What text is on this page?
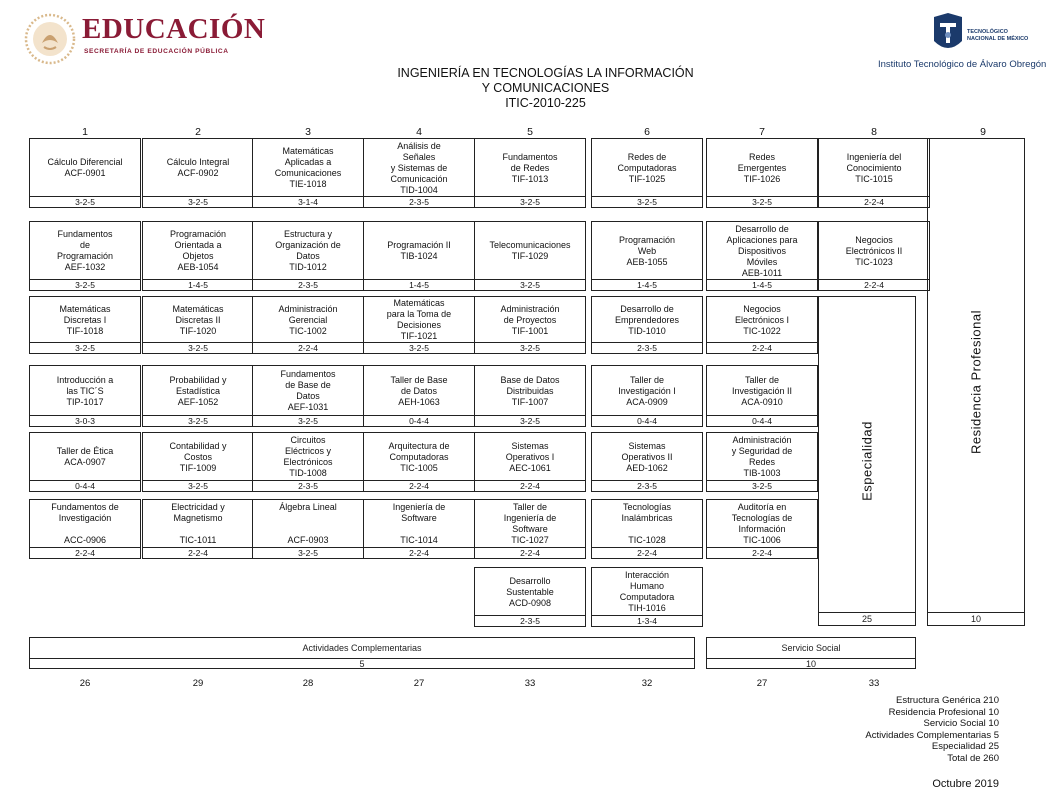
EDUCACIÓN
SECRETARÍA DE EDUCACIÓN PÚBLICA
TECNOLÓGICO
NACIONAL DE MÉXICO
Instituto Tecnológico de Álvaro Obregón
INGENIERÍA EN TECNOLOGÍAS LA INFORMACIÓN
Y COMUNICACIONES
ITIC-2010-225
1
26
Cálculo Diferencial
ACF-0901
3-2-5
Fundamentos
de
Programación
AEF-1032
3-2-5
Matemáticas
Discretas I
TIF-1018
3-2-5
Introducción a
las TIC´S
TIP-1017
3-0-3
Taller de Ética
ACA-0907
0-4-4
Fundamentos de
Investigación

ACC-0906
2-2-4
2
29
Cálculo Integral
ACF-0902
3-2-5
Programación
Orientada a
Objetos
AEB-1054
1-4-5
Matemáticas
Discretas II
TIF-1020
3-2-5
Probabilidad y
Estadística
AEF-1052
3-2-5
Contabilidad y
Costos
TIF-1009
3-2-5
Electricidad y
Magnetismo

TIC-1011
2-2-4
3
28
Matemáticas
Aplicadas a
Comunicaciones
TIE-1018
3-1-4
Estructura y
Organización de
Datos
TID-1012
2-3-5
Administración
Gerencial
TIC-1002
2-2-4
Fundamentos
de Base de
Datos
AEF-1031
3-2-5
Circuitos
Eléctricos y
Electrónicos
TID-1008
2-3-5
Álgebra Lineal

ACF-0903
3-2-5
4
27
Análisis de
Señales
y Sistemas de
Comunicación
TID-1004
2-3-5
Programación II
TIB-1024
1-4-5
Matemáticas
para la Toma de
Decisiones
TIF-1021
3-2-5
Taller de Base
de Datos
AEH-1063
0-4-4
Arquitectura de
Computadoras
TIC-1005
2-2-4
Ingeniería de
Software

TIC-1014
2-2-4
5
33
Fundamentos
de Redes
TIF-1013
3-2-5
Telecomunicaciones
TIF-1029
3-2-5
Administración
de Proyectos
TIF-1001
3-2-5
Base de Datos
Distribuidas
TIF-1007
3-2-5
Sistemas
Operativos I
AEC-1061
2-2-4
Taller de
Ingeniería de
Software
TIC-1027
2-2-4
Desarrollo
Sustentable
ACD-0908
2-3-5
6
32
Redes de
Computadoras
TIF-1025
3-2-5
Programación
Web
AEB-1055
1-4-5
Desarrollo de
Emprendedores
TID-1010
2-3-5
Taller de
Investigación I
ACA-0909
0-4-4
Sistemas
Operativos II
AED-1062
2-3-5
Tecnologías
Inalámbricas

TIC-1028
2-2-4
Interacción
Humano
Computadora
TIH-1016
1-3-4
7
27
Redes
Emergentes
TIF-1026
3-2-5
Desarrollo de
Aplicaciones para
Dispositivos
Móviles
AEB-1011
1-4-5
Negocios
Electrónicos I
TIC-1022
2-2-4
Taller de
Investigación II
ACA-0910
0-4-4
Administración
y Seguridad de
Redes
TIB-1003
3-2-5
Auditoría en
Tecnologías de
Información
TIC-1006
2-2-4
8
33
Ingeniería del
Conocimiento
TIC-1015
2-2-4
Negocios
Electrónicos II
TIC-1023
2-2-4
Especialidad
25
9
Residencia Profesional
10
Actividades Complementarias
5
Servicio Social
10
Estructura Genérica 210
Residencia Profesional 10
Servicio Social 10
Actividades Complementarias 5
Especialidad 25
Total de 260
Octubre 2019
